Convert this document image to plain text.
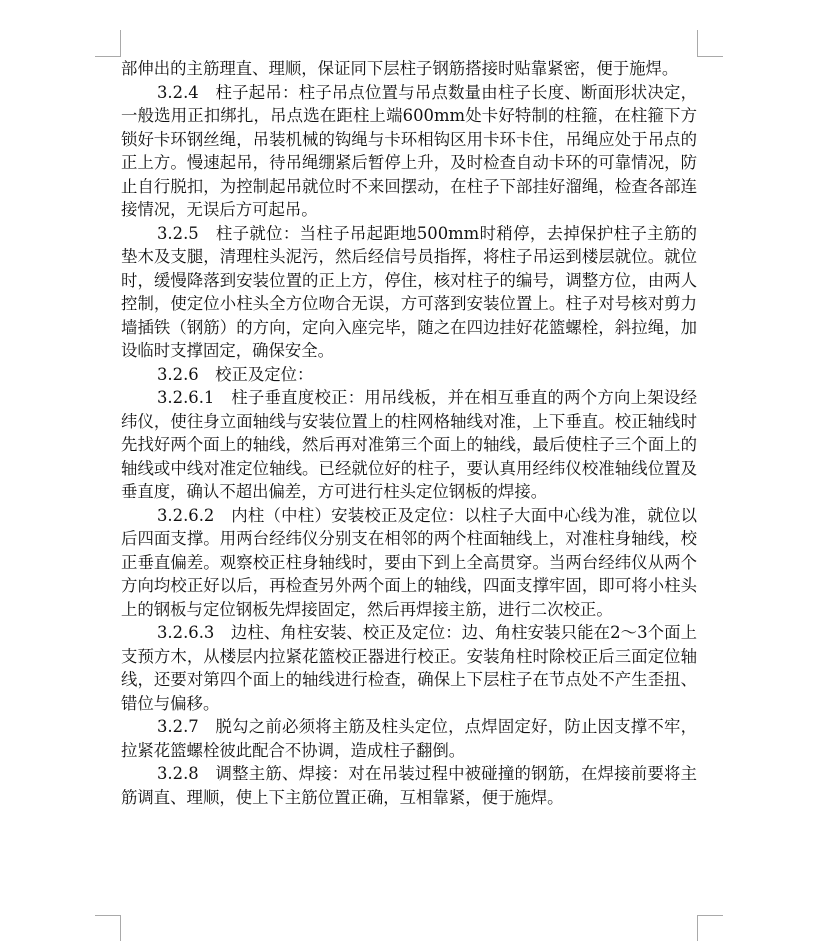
部伸出的主筋理直、理顺，保证同下层柱子钢筋搭接时贴靠紧密，便于施焊。

3.2.4　柱子起吊：柱子吊点位置与吊点数量由柱子长度、断面形状决定，一般选用正扣绑扎，吊点选在距柱上端600mm处卡好特制的柱箍，在柱箍下方锁好卡环钢丝绳，吊装机械的钩绳与卡环相钩区用卡环卡住，吊绳应处于吊点的正上方。慢速起吊，待吊绳绷紧后暂停上升，及时检查自动卡环的可靠情况，防止自行脱扣，为控制起吊就位时不来回摆动，在柱子下部挂好溜绳，检查各部连接情况，无误后方可起吊。

3.2.5　柱子就位：当柱子吊起距地500mm时稍停，去掉保护柱子主筋的垫木及支腿，清理柱头泥污，然后经信号员指挥，将柱子吊运到楼层就位。就位时，缓慢降落到安装位置的正上方，停住，核对柱子的编号，调整方位，由两人控制，使定位小柱头全方位吻合无误，方可落到安装位置上。柱子对号核对剪力墙插铁（钢筋）的方向，定向入座完毕，随之在四边挂好花篮螺栓，斜拉绳，加设临时支撑固定，确保安全。

3.2.6　校正及定位：

3.2.6.1　柱子垂直度校正：用吊线板，并在相互垂直的两个方向上架设经纬仪，使往身立面轴线与安装位置上的柱网格轴线对准，上下垂直。校正轴线时先找好两个面上的轴线，然后再对准第三个面上的轴线，最后使柱子三个面上的轴线或中线对准定位轴线。已经就位好的柱子，要认真用经纬仪校准轴线位置及垂直度，确认不超出偏差，方可进行柱头定位钢板的焊接。

3.2.6.2　内柱（中柱）安装校正及定位：以柱子大面中心线为准，就位以后四面支撑。用两台经纬仪分别支在相邻的两个柱面轴线上，对准柱身轴线，校正垂直偏差。观察校正柱身轴线时，要由下到上全高贯穿。当两台经纬仪从两个方向均校正好以后，再检查另外两个面上的轴线，四面支撑牢固，即可将小柱头上的钢板与定位钢板先焊接固定，然后再焊接主筋，进行二次校正。

3.2.6.3　边柱、角柱安装、校正及定位：边、角柱安装只能在2～3个面上支预方木，从楼层内拉紧花篮校正器进行校正。安装角柱时除校正后三面定位轴线，还要对第四个面上的轴线进行检查，确保上下层柱子在节点处不产生歪扭、错位与偏移。

3.2.7　脱勾之前必须将主筋及柱头定位，点焊固定好，防止因支撑不牢，拉紧花篮螺栓彼此配合不协调，造成柱子翻倒。

3.2.8　调整主筋、焊接：对在吊装过程中被碰撞的钢筋，在焊接前要将主筋调直、理顺，使上下主筋位置正确，互相靠紧，便于施焊。
